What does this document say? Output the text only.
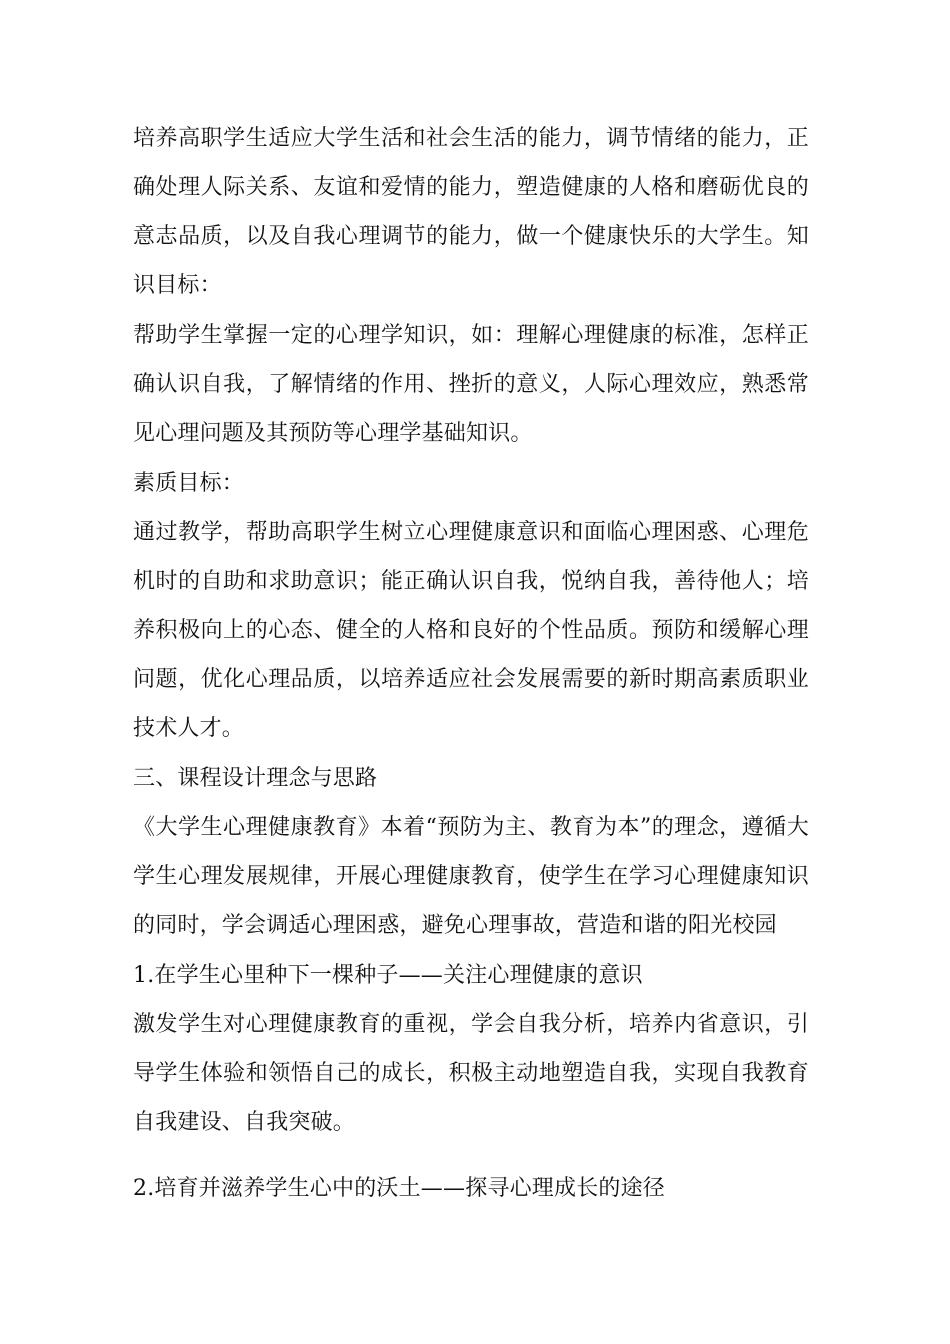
培养高职学生适应大学生活和社会生活的能力，调节情绪的能力，正确处理人际关系、友谊和爱情的能力，塑造健康的人格和磨砺优良的意志品质，以及自我心理调节的能力，做一个健康快乐的大学生。知识目标：

帮助学生掌握一定的心理学知识，如：理解心理健康的标准，怎样正确认识自我，了解情绪的作用、挫折的意义，人际心理效应，熟悉常见心理问题及其预防等心理学基础知识。

素质目标：

通过教学，帮助高职学生树立心理健康意识和面临心理困惑、心理危机时的自助和求助意识；能正确认识自我，悦纳自我，善待他人；培养积极向上的心态、健全的人格和良好的个性品质。预防和缓解心理问题，优化心理品质，以培养适应社会发展需要的新时期高素质职业技术人才。

三、课程设计理念与思路

《大学生心理健康教育》本着“预防为主、教育为本”的理念，遵循大学生心理发展规律，开展心理健康教育，使学生在学习心理健康知识的同时，学会调适心理困惑，避免心理事故，营造和谐的阳光校园

1.在学生心里种下一棵种子——关注心理健康的意识

激发学生对心理健康教育的重视，学会自我分析，培养内省意识，引导学生体验和领悟自己的成长，积极主动地塑造自我，实现自我教育自我建设、自我突破。

2.培育并滋养学生心中的沃土——探寻心理成长的途径
